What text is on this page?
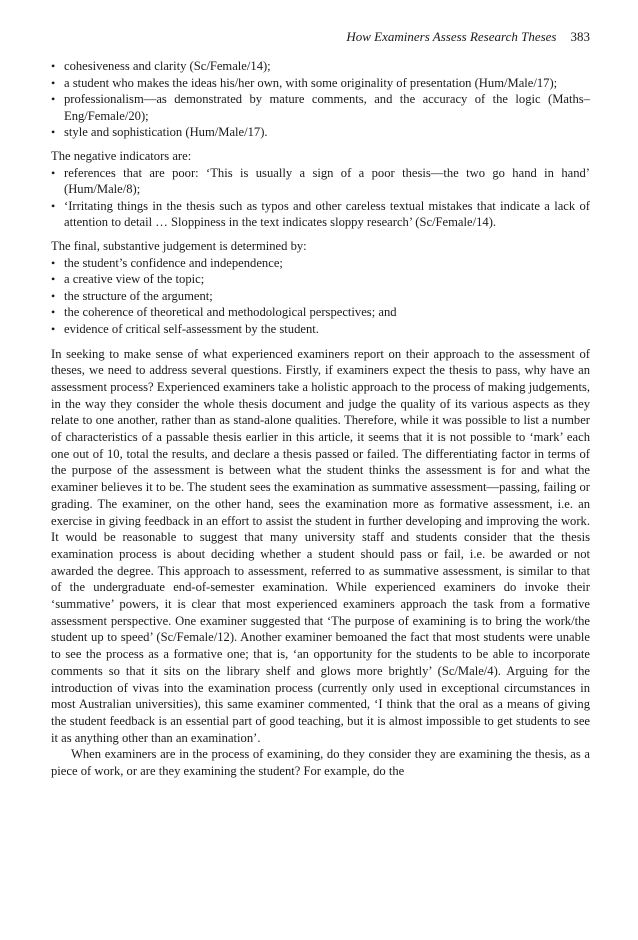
How Examiners Assess Research Theses 383
• cohesiveness and clarity (Sc/Female/14);
• a student who makes the ideas his/her own, with some originality of presentation (Hum/Male/17);
• professionalism—as demonstrated by mature comments, and the accuracy of the logic (Maths–Eng/Female/20);
• style and sophistication (Hum/Male/17).

The negative indicators are:

• references that are poor: ‘This is usually a sign of a poor thesis—the two go hand in hand’ (Hum/Male/8);
• ‘Irritating things in the thesis such as typos and other careless textual mistakes that indicate a lack of attention to detail … Sloppiness in the text indicates sloppy research’ (Sc/Female/14).

The final, substantive judgement is determined by:

• the student’s confidence and independence;
• a creative view of the topic;
• the structure of the argument;
• the coherence of theoretical and methodological perspectives; and
• evidence of critical self-assessment by the student.

In seeking to make sense of what experienced examiners report on their approach to the assessment of theses, we need to address several questions. Firstly, if examiners expect the thesis to pass, why have an assessment process? Experienced examiners take a holistic approach to the process of making judgements, in the way they consider the whole thesis document and judge the quality of its various aspects as they relate to one another, rather than as stand-alone qualities. Therefore, while it was possible to list a number of characteristics of a passable thesis earlier in this article, it seems that it is not possible to ‘mark’ each one out of 10, total the results, and declare a thesis passed or failed. The differentiating factor in terms of the purpose of the assessment is between what the student thinks the assessment is for and what the examiner believes it to be. The student sees the examination as summative assessment—passing, failing or grading. The examiner, on the other hand, sees the examination more as formative assessment, i.e. an exercise in giving feedback in an effort to assist the student in further developing and improving the work. It would be reasonable to suggest that many university staff and students consider that the thesis examination process is about deciding whether a student should pass or fail, i.e. be awarded or not awarded the degree. This approach to assessment, referred to as summative assessment, is similar to that of the undergraduate end-of-semester examination. While experienced examiners do invoke their ‘summative’ powers, it is clear that most experienced examiners approach the task from a formative assessment perspective. One examiner suggested that ‘The purpose of examining is to bring the work/the student up to speed’ (Sc/Female/12). Another examiner bemoaned the fact that most students were unable to see the process as a formative one; that is, ‘an opportunity for the students to be able to incorporate comments so that it sits on the library shelf and glows more brightly’ (Sc/Male/4). Arguing for the introduction of vivas into the examination process (currently only used in exceptional circumstances in most Australian universities), this same examiner commented, ‘I think that the oral as a means of giving the student feedback is an essential part of good teaching, but it is almost impossible to get students to see it as anything other than an examination’.

When examiners are in the process of examining, do they consider they are examining the thesis, as a piece of work, or are they examining the student? For example, do the
